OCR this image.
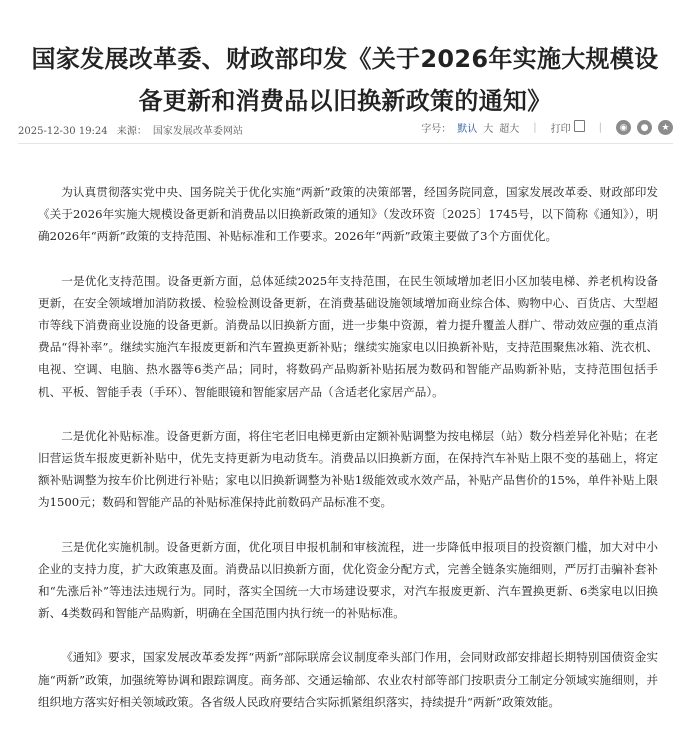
国家发展改革委、财政部印发《关于2026年实施大规模设备更新和消费品以旧换新政策的通知》
2025-12-30 19:24 来源： 国家发展改革委网站	字号： 默认 大 超大 | 打印	|	◉	●	★

为认真贯彻落实党中央、国务院关于优化实施“两新”政策的决策部署，经国务院同意，国家发展改革委、财政部印发《关于2026年实施大规模设备更新和消费品以旧换新政策的通知》（发改环资〔2025〕1745号，以下简称《通知》），明确2026年“两新”政策的支持范围、补贴标准和工作要求。2026年“两新”政策主要做了3个方面优化。

一是优化支持范围。设备更新方面，总体延续2025年支持范围，在民生领域增加老旧小区加装电梯、养老机构设备更新，在安全领域增加消防救援、检验检测设备更新，在消费基础设施领域增加商业综合体、购物中心、百货店、大型超市等线下消费商业设施的设备更新。消费品以旧换新方面，进一步集中资源，着力提升覆盖人群广、带动效应强的重点消费品“得补率”。继续实施汽车报废更新和汽车置换更新补贴；继续实施家电以旧换新补贴，支持范围聚焦冰箱、洗衣机、电视、空调、电脑、热水器等6类产品；同时，将数码产品购新补贴拓展为数码和智能产品购新补贴，支持范围包括手机、平板、智能手表（手环）、智能眼镜和智能家居产品（含适老化家居产品）。

二是优化补贴标准。设备更新方面，将住宅老旧电梯更新由定额补贴调整为按电梯层（站）数分档差异化补贴；在老旧营运货车报废更新补贴中，优先支持更新为电动货车。消费品以旧换新方面，在保持汽车补贴上限不变的基础上，将定额补贴调整为按车价比例进行补贴；家电以旧换新调整为补贴1级能效或水效产品，补贴产品售价的15%，单件补贴上限为1500元；数码和智能产品的补贴标准保持此前数码产品标准不变。

三是优化实施机制。设备更新方面，优化项目申报机制和审核流程，进一步降低申报项目的投资额门槛，加大对中小企业的支持力度，扩大政策惠及面。消费品以旧换新方面，优化资金分配方式，完善全链条实施细则，严厉打击骗补套补和“先涨后补”等违法违规行为。同时，落实全国统一大市场建设要求，对汽车报废更新、汽车置换更新、6类家电以旧换新、4类数码和智能产品购新，明确在全国范围内执行统一的补贴标准。

《通知》要求，国家发展改革委发挥“两新”部际联席会议制度牵头部门作用，会同财政部安排超长期特别国债资金实施“两新”政策，加强统筹协调和跟踪调度。商务部、交通运输部、农业农村部等部门按职责分工制定分领域实施细则，并组织地方落实好相关领域政策。各省级人民政府要结合实际抓紧组织落实，持续提升“两新”政策效能。
